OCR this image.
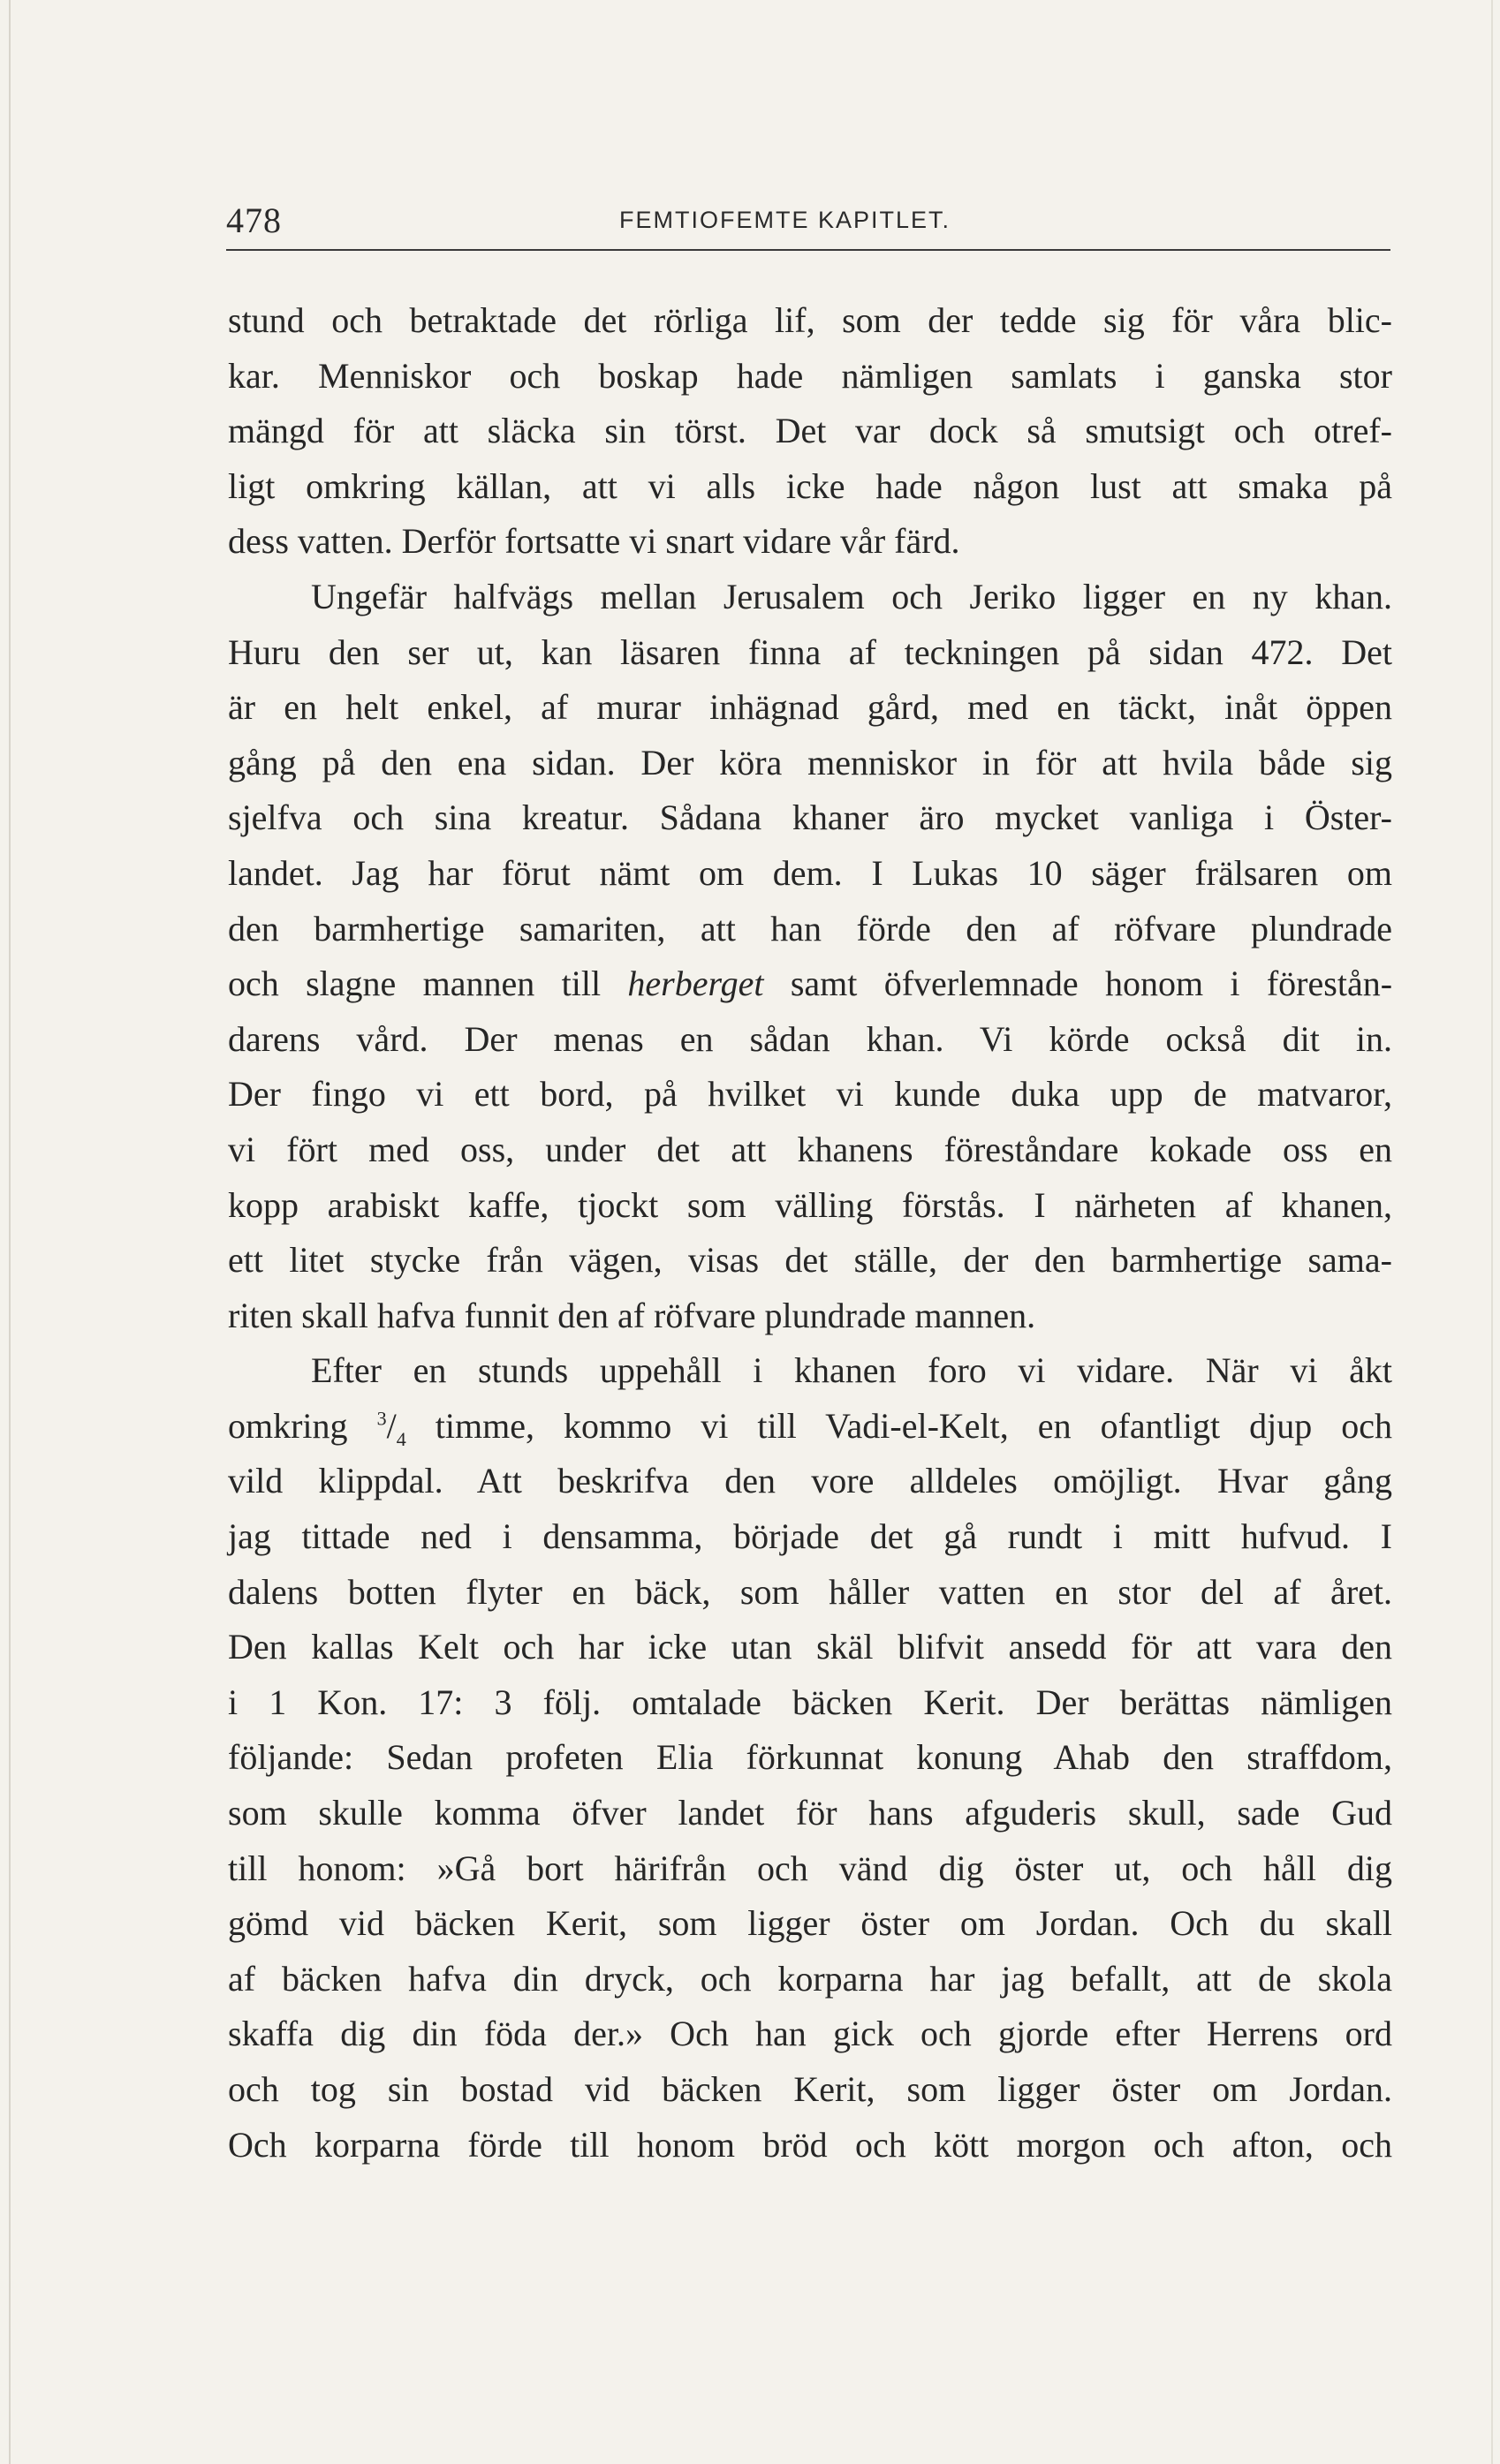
478	FEMTIOFEMTE KAPITLET.
stund och betraktade det rörliga lif, som der tedde sig för våra blic-
kar. Menniskor och boskap hade nämligen samlats i ganska stor
mängd för att släcka sin törst. Det var dock så smutsigt och otref-
ligt omkring källan, att vi alls icke hade någon lust att smaka på
dess vatten. Derför fortsatte vi snart vidare vår färd.
Ungefär halfvägs mellan Jerusalem och Jeriko ligger en ny khan.
Huru den ser ut, kan läsaren finna af teckningen på sidan 472. Det
är en helt enkel, af murar inhägnad gård, med en täckt, inåt öppen
gång på den ena sidan. Der köra menniskor in för att hvila både sig
sjelfva och sina kreatur. Sådana khaner äro mycket vanliga i Öster-
landet. Jag har förut nämt om dem. I Lukas 10 säger frälsaren om
den barmhertige samariten, att han förde den af röfvare plundrade
och slagne mannen till herberget samt öfverlemnade honom i förestån-
darens vård. Der menas en sådan khan. Vi körde också dit in.
Der fingo vi ett bord, på hvilket vi kunde duka upp de matvaror,
vi fört med oss, under det att khanens föreståndare kokade oss en
kopp arabiskt kaffe, tjockt som välling förstås. I närheten af khanen,
ett litet stycke från vägen, visas det ställe, der den barmhertige sama-
riten skall hafva funnit den af röfvare plundrade mannen.
Efter en stunds uppehåll i khanen foro vi vidare. När vi åkt
omkring $^3/_4$ timme, kommo vi till Vadi-el-Kelt, en ofantligt djup och
vild klippdal. Att beskrifva den vore alldeles omöjligt. Hvar gång
jag tittade ned i densamma, började det gå rundt i mitt hufvud. I
dalens botten flyter en bäck, som håller vatten en stor del af året.
Den kallas Kelt och har icke utan skäl blifvit ansedd för att vara den
i 1 Kon. 17: 3 följ. omtalade bäcken Kerit. Der berättas nämligen
följande: Sedan profeten Elia förkunnat konung Ahab den straffdom,
som skulle komma öfver landet för hans afguderis skull, sade Gud
till honom: »Gå bort härifrån och vänd dig öster ut, och håll dig
gömd vid bäcken Kerit, som ligger öster om Jordan. Och du skall
af bäcken hafva din dryck, och korparna har jag befallt, att de skola
skaffa dig din föda der.» Och han gick och gjorde efter Herrens ord
och tog sin bostad vid bäcken Kerit, som ligger öster om Jordan.
Och korparna förde till honom bröd och kött morgon och afton, och
